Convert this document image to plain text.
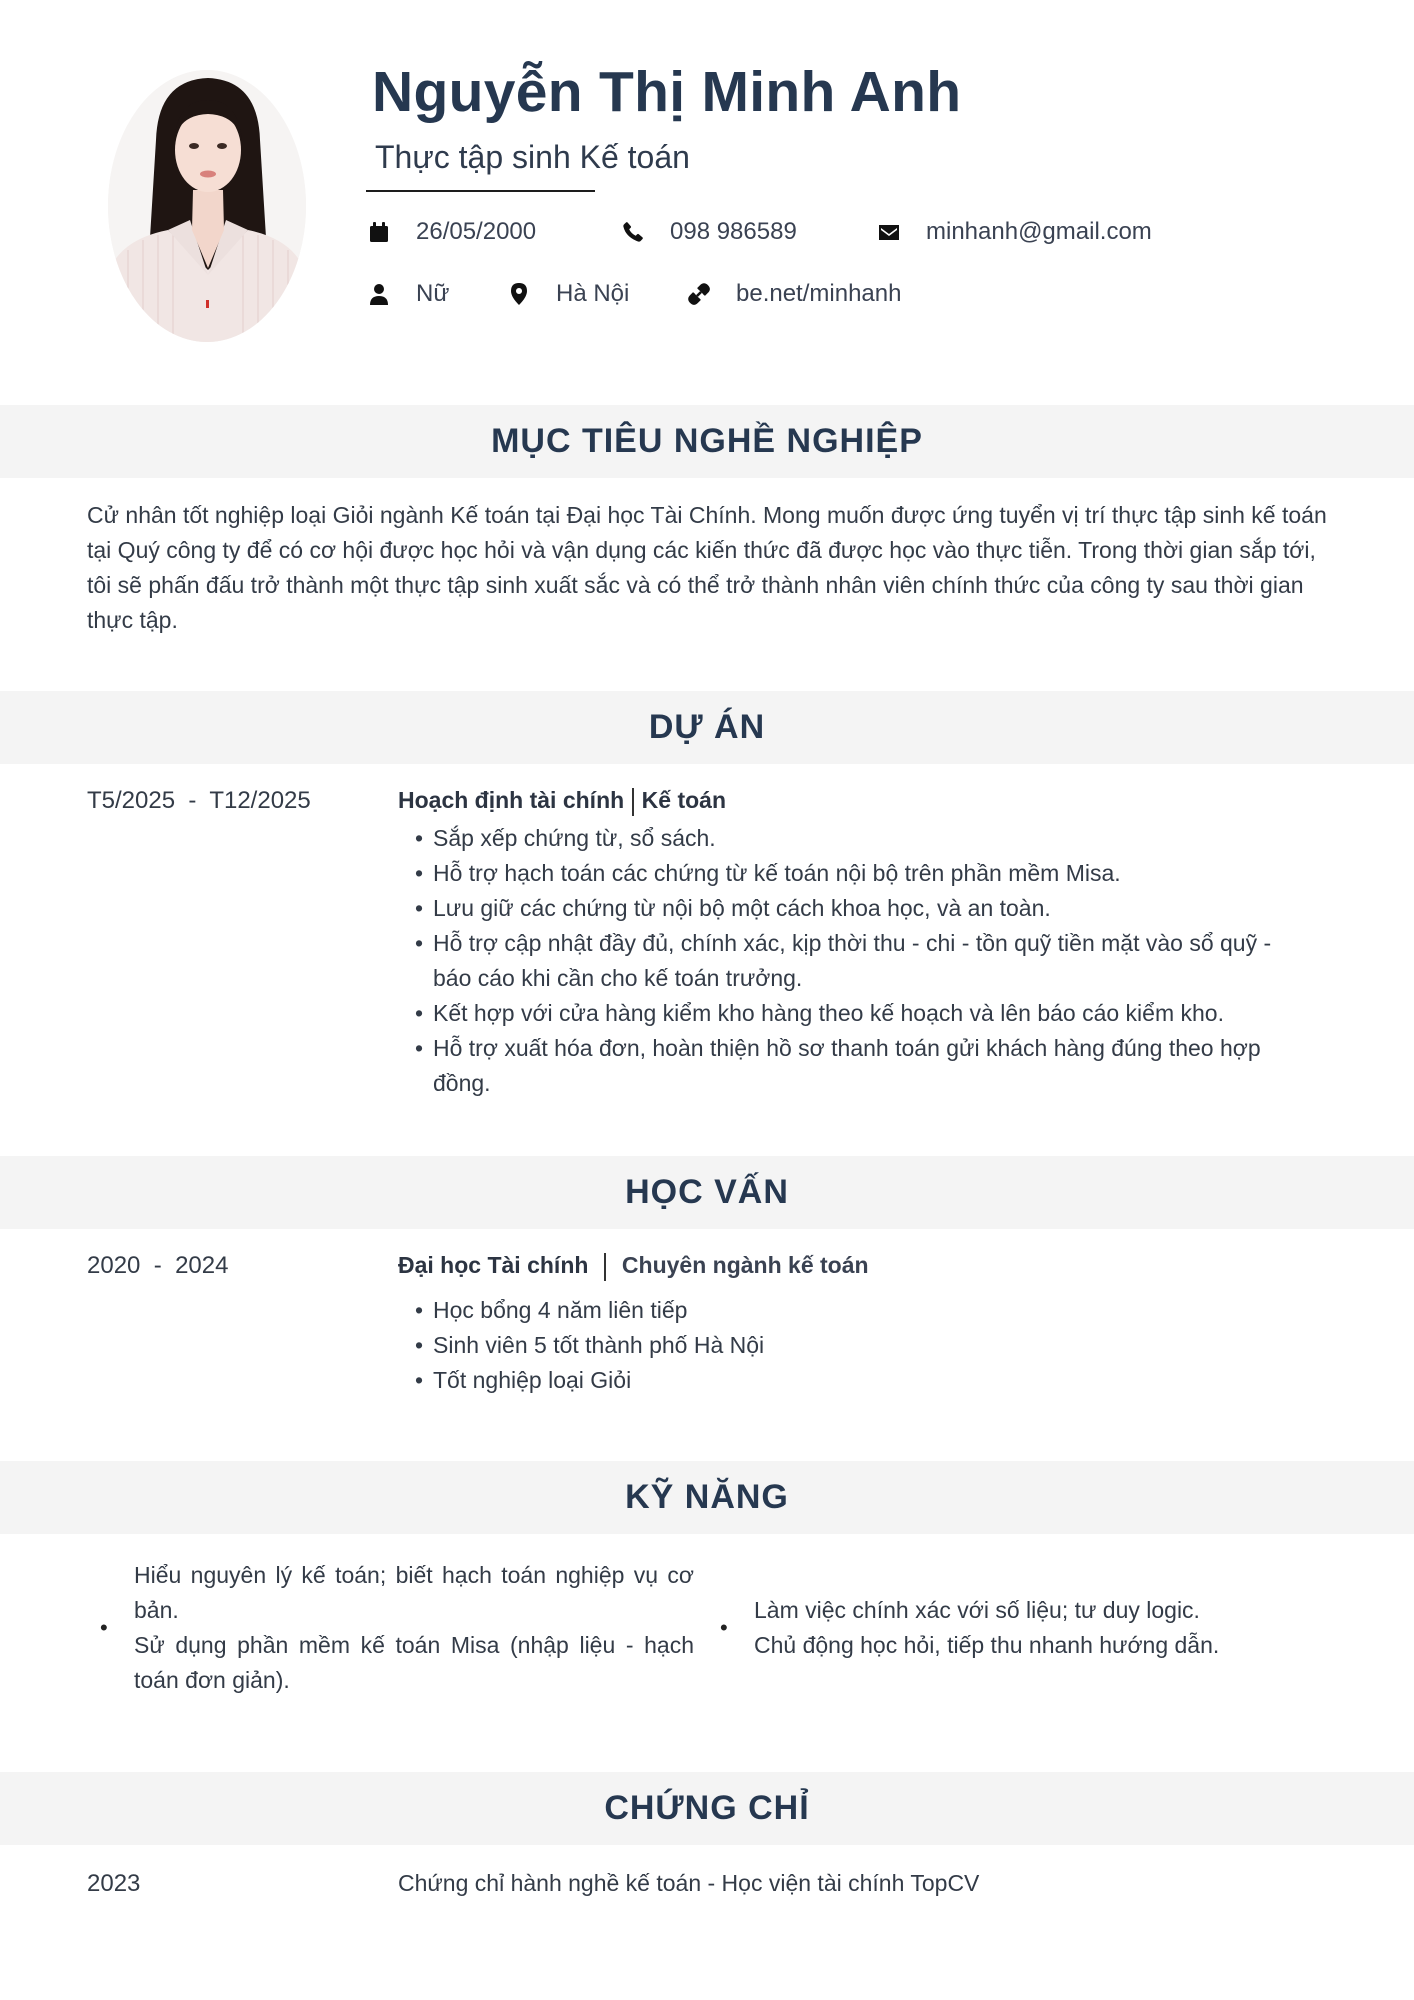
Nguyễn Thị Minh Anh
Thực tập sinh Kế toán
26/05/2000	098 986589	minhanh@gmail.com
Nữ	Hà Nội	be.net/minhanh
MỤC TIÊU NGHỀ NGHIỆP
Cử nhân tốt nghiệp loại Giỏi ngành Kế toán tại Đại học Tài Chính. Mong muốn được ứng tuyển vị trí thực tập sinh kế toán tại Quý công ty để có cơ hội được học hỏi và vận dụng các kiến thức đã được học vào thực tiễn. Trong thời gian sắp tới, tôi sẽ phấn đấu trở thành một thực tập sinh xuất sắc và có thể trở thành nhân viên chính thức của công ty sau thời gian thực tập.
DỰ ÁN
T5/2025 - T12/2025	Hoạch định tài chính Kế toán
• Sắp xếp chứng từ, sổ sách.
• Hỗ trợ hạch toán các chứng từ kế toán nội bộ trên phần mềm Misa.
• Lưu giữ các chứng từ nội bộ một cách khoa học, và an toàn.
• Hỗ trợ cập nhật đầy đủ, chính xác, kịp thời thu - chi - tồn quỹ tiền mặt vào sổ quỹ - báo cáo khi cần cho kế toán trưởng.
• Kết hợp với cửa hàng kiểm kho hàng theo kế hoạch và lên báo cáo kiểm kho.
• Hỗ trợ xuất hóa đơn, hoàn thiện hồ sơ thanh toán gửi khách hàng đúng theo hợp đồng.
HỌC VẤN
2020 - 2024	Đại học Tài chính Chuyên ngành kế toán
• Học bổng 4 năm liên tiếp
• Sinh viên 5 tốt thành phố Hà Nội
• Tốt nghiệp loại Giỏi
KỸ NĂNG
•
Hiểu nguyên lý kế toán; biết hạch toán nghiệp vụ cơ bản.
Sử dụng phần mềm kế toán Misa (nhập liệu - hạch toán đơn giản).
•
Làm việc chính xác với số liệu; tư duy logic.
Chủ động học hỏi, tiếp thu nhanh hướng dẫn.
CHỨNG CHỈ
2023	Chứng chỉ hành nghề kế toán - Học viện tài chính TopCV
